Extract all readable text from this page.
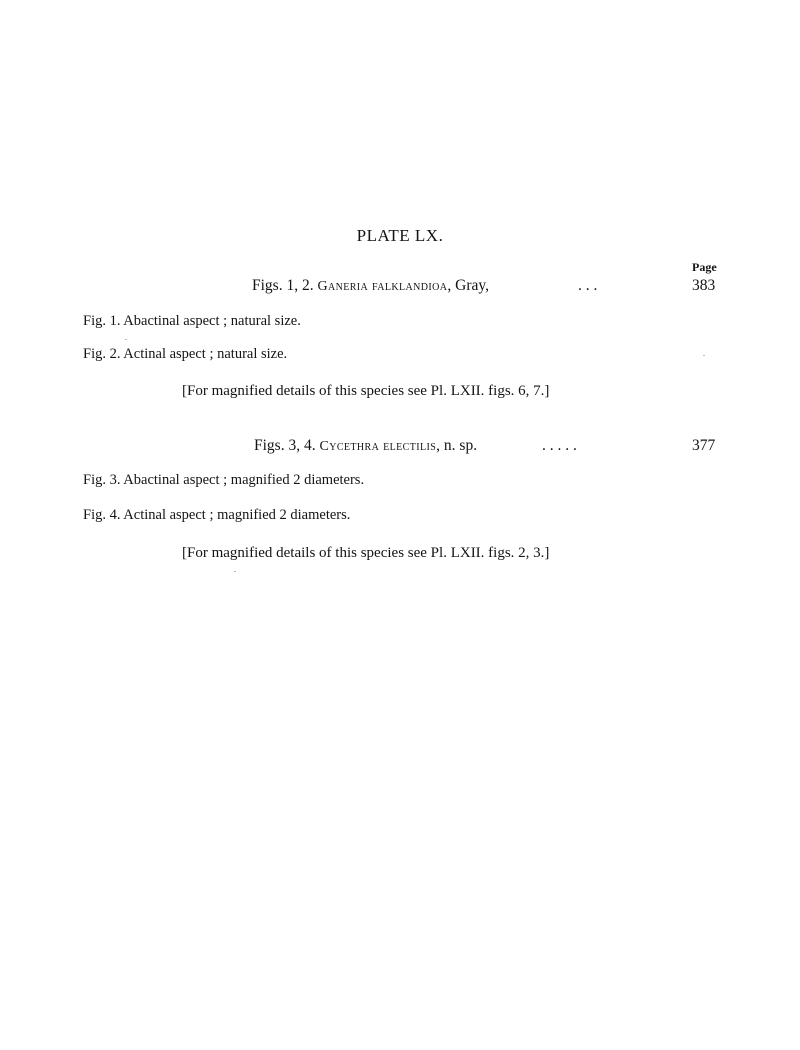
PLATE LX.
Page
Figs. 1, 2. Ganeria falklandioa, Gray,	. . .	383
Fig. 1. Abactinal aspect ; natural size.
Fig. 2. Actinal aspect ; natural size.
[For magnified details of this species see Pl. LXII. figs. 6, 7.]
Figs. 3, 4. Cycethra electilis, n. sp.	. . . . .	377
Fig. 3. Abactinal aspect ; magnified 2 diameters.
Fig. 4. Actinal aspect ; magnified 2 diameters.
[For magnified details of this species see Pl. LXII. figs. 2, 3.]
